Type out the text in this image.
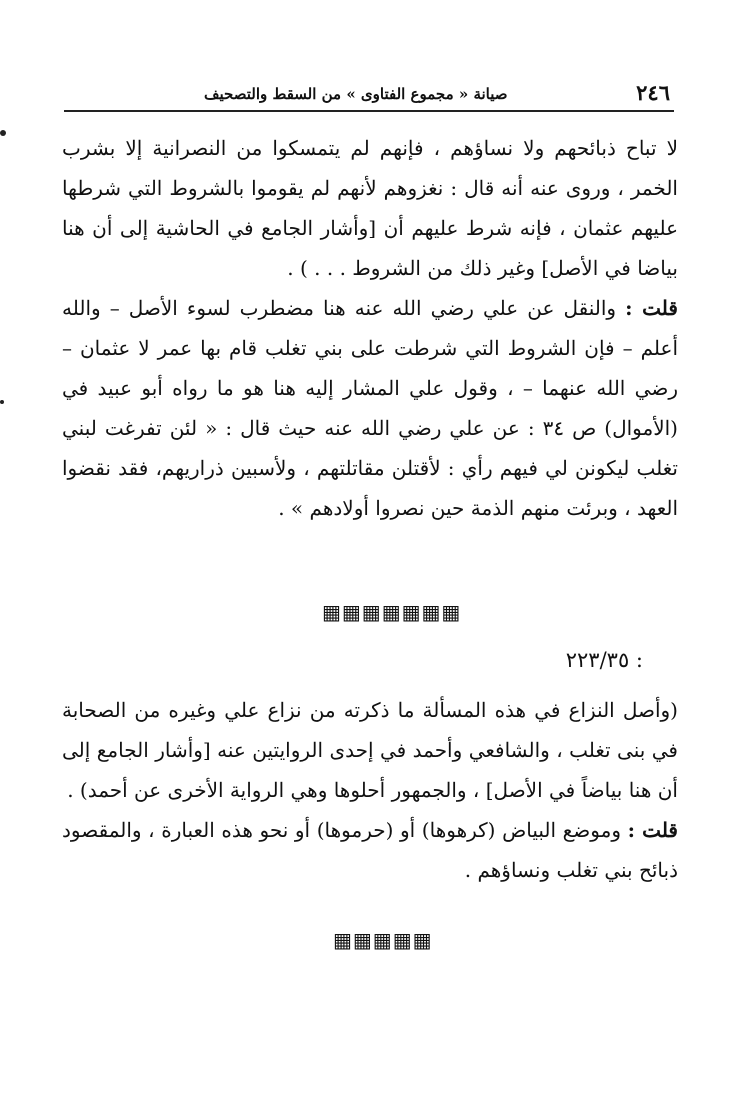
٢٤٦
صيانة « مجموع الفتاوى » من السقط والتصحيف

لا تباح ذبائحهم ولا نساؤهم ، فإنهم لم يتمسكوا من النصرانية إلا بشرب الخمر ، وروى عنه أنه قال : نغزوهم لأنهم لم يقوموا بالشروط التي شرطها عليهم عثمان ، فإنه شرط عليهم أن [وأشار الجامع في الحاشية إلى أن هنا بياضا في الأصل] وغير ذلك من الشروط . . . ) .

قلت : والنقل عن علي رضي الله عنه هنا مضطرب لسوء الأصل – والله أعلم – فإن الشروط التي شرطت على بني تغلب قام بها عمر لا عثمان – رضي الله عنهما – ، وقول علي المشار إليه هنا هو ما رواه أبو عبيد في (الأموال) ص ٣٤ : عن علي رضي الله عنه حيث قال : « لئن تفرغت لبني تغلب ليكونن لي فيهم رأي : لأقتلن مقاتلتهم ، ولأسبين ذراريهم، فقد نقضوا العهد ، وبرئت منهم الذمة حين نصروا أولادهم » .

▦▦▦▦▦▦▦
: ٢٢٣/٣٥

(وأصل النزاع في هذه المسألة ما ذكرته من نزاع علي وغيره من الصحابة في بنى تغلب ، والشافعي وأحمد في إحدى الروايتين عنه [وأشار الجامع إلى أن هنا بياضاً في الأصل] ، والجمهور أحلوها وهي الرواية الأخرى عن أحمد) .

قلت : وموضع البياض (كرهوها) أو (حرموها) أو نحو هذه العبارة ، والمقصود ذبائح بني تغلب ونساؤهم .

▦▦▦▦▦
